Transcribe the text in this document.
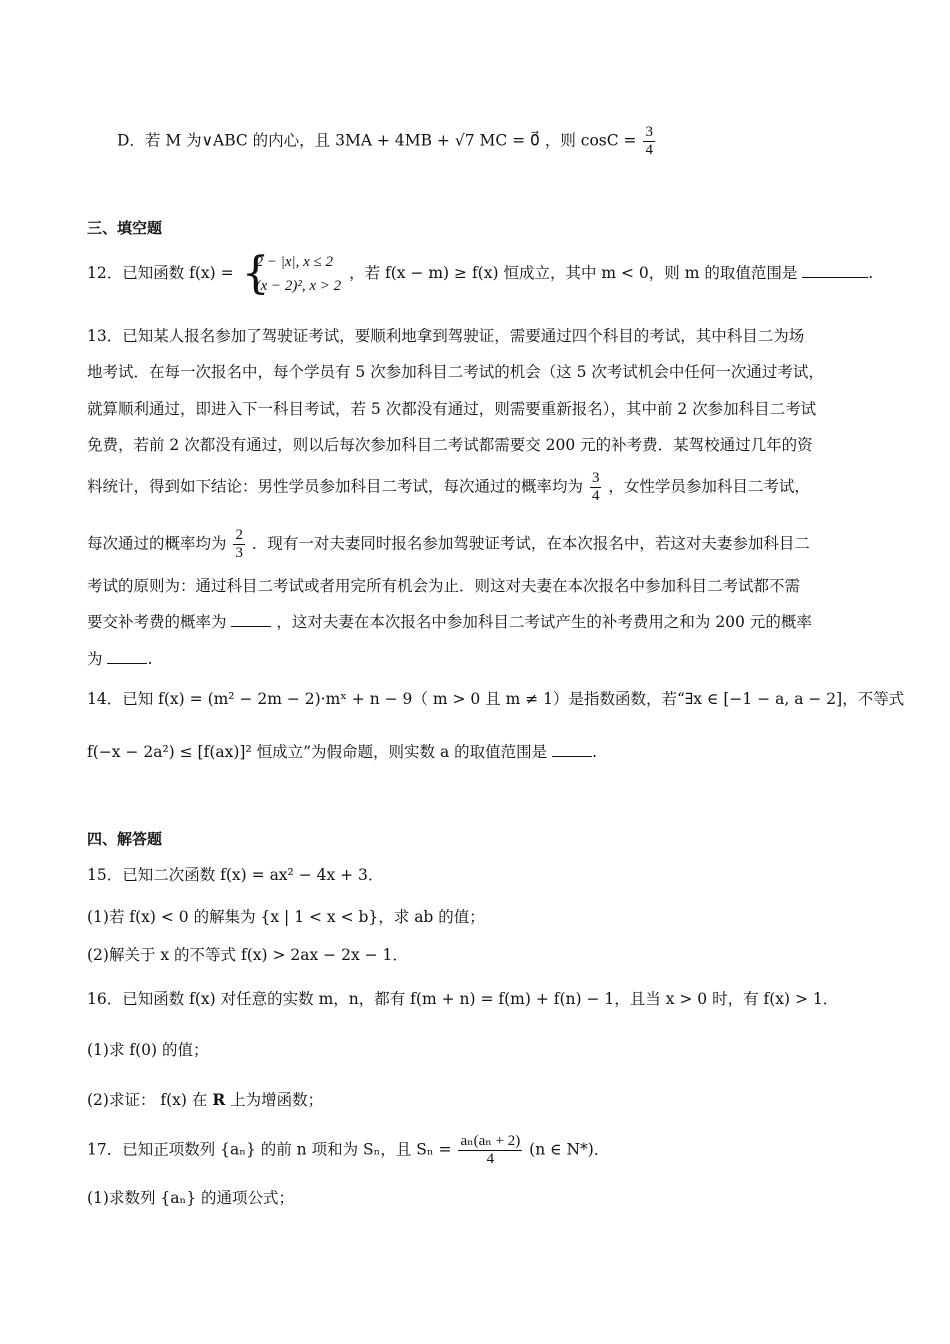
D．若 M 为∨ABC 的内心，且 3MA + 4MB + √7 MC = 0⃗ ，则 $\cos C = \frac{3}{4}$
三、填空题
12．已知函数 f(x) =
{ 2 − |x|, x ≤ 2
(x − 2)², x > 2
，若 f(x − m) ≥ f(x) 恒成立，其中 m < 0，则 m 的取值范围是	.
13．已知某人报名参加了驾驶证考试，要顺利地拿到驾驶证，需要通过四个科目的考试，其中科目二为场
地考试．在每一次报名中，每个学员有 5 次参加科目二考试的机会（这 5 次考试机会中任何一次通过考试，
就算顺利通过，即进入下一科目考试，若 5 次都没有通过，则需要重新报名），其中前 2 次参加科目二考试
免费，若前 2 次都没有通过，则以后每次参加科目二考试都需要交 200 元的补考费．某驾校通过几年的资
料统计，得到如下结论：男性学员参加科目二考试，每次通过的概率均为 $\frac{3}{4}$ ，女性学员参加科目二考试，
每次通过的概率均为 $\frac{2}{3}$ ．现有一对夫妻同时报名参加驾驶证考试，在本次报名中，若这对夫妻参加科目二
考试的原则为：通过科目二考试或者用完所有机会为止．则这对夫妻在本次报名中参加科目二考试都不需
要交补考费的概率为	，这对夫妻在本次报名中参加科目二考试产生的补考费用之和为 200 元的概率
为	.
14．已知 f(x) = (m² − 2m − 2)·mˣ + n − 9（ m > 0 且 m ≠ 1）是指数函数，若“∃x ∈ [−1 − a, a − 2]，不等式
f(−x − 2a²) ≤ [f(ax)]² 恒成立”为假命题，则实数 a 的取值范围是	.
四、解答题
15．已知二次函数 f(x) = ax² − 4x + 3．
(1)若 f(x) < 0 的解集为 {x | 1 < x < b}，求 ab 的值；
(2)解关于 x 的不等式 f(x) > 2ax − 2x − 1．
16．已知函数 f(x) 对任意的实数 m，n，都有 f(m + n) = f(m) + f(n) − 1，且当 x > 0 时，有 f(x) > 1．
(1)求 f(0) 的值；
(2)求证： f(x) 在 R 上为增函数；
17．已知正项数列 {aₙ} 的前 n 项和为 Sₙ，且 $S_n = \frac{\text{aₙ(aₙ + 2)}}{4} (n$ ∈ N*)．
(1)求数列 {aₙ} 的通项公式；
